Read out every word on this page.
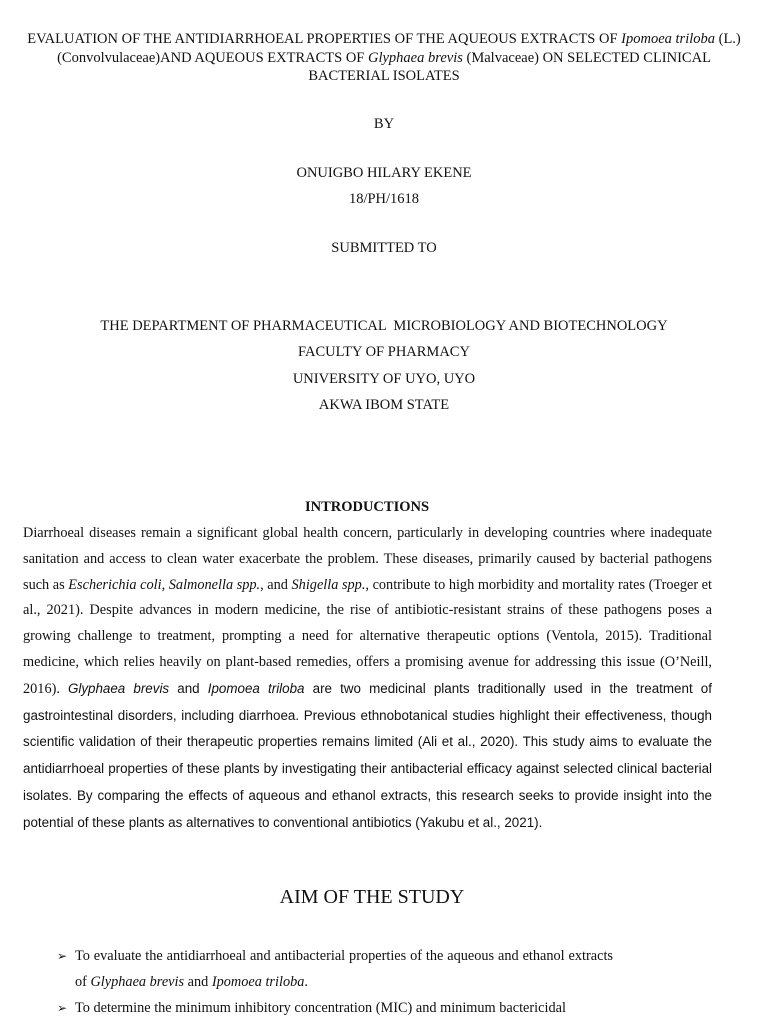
EVALUATION OF THE ANTIDIARRHOEAL PROPERTIES OF THE AQUEOUS EXTRACTS OF Ipomoea triloba (L.) (Convolvulaceae)AND AQUEOUS EXTRACTS OF Glyphaea brevis (Malvaceae) ON SELECTED CLINICAL BACTERIAL ISOLATES
BY
ONUIGBO HILARY EKENE
18/PH/1618
SUBMITTED TO
THE DEPARTMENT OF PHARMACEUTICAL  MICROBIOLOGY AND BIOTECHNOLOGY
FACULTY OF PHARMACY
UNIVERSITY OF UYO, UYO
AKWA IBOM STATE
INTRODUCTIONS
Diarrhoeal diseases remain a significant global health concern, particularly in developing countries where inadequate sanitation and access to clean water exacerbate the problem. These diseases, primarily caused by bacterial pathogens such as Escherichia coli, Salmonella spp., and Shigella spp., contribute to high morbidity and mortality rates (Troeger et al., 2021). Despite advances in modern medicine, the rise of antibiotic-resistant strains of these pathogens poses a growing challenge to treatment, prompting a need for alternative therapeutic options (Ventola, 2015). Traditional medicine, which relies heavily on plant-based remedies, offers a promising avenue for addressing this issue (O’Neill, 2016). Glyphaea brevis and Ipomoea triloba are two medicinal plants traditionally used in the treatment of gastrointestinal disorders, including diarrhoea. Previous ethnobotanical studies highlight their effectiveness, though scientific validation of their therapeutic properties remains limited (Ali et al., 2020). This study aims to evaluate the antidiarrhoeal properties of these plants by investigating their antibacterial efficacy against selected clinical bacterial isolates. By comparing the effects of aqueous and ethanol extracts, this research seeks to provide insight into the potential of these plants as alternatives to conventional antibiotics (Yakubu et al., 2021).
AIM OF THE STUDY
➢ To evaluate the antidiarrhoeal and antibacterial properties of the aqueous and ethanol extracts of Glyphaea brevis and Ipomoea triloba.
➢ To determine the minimum inhibitory concentration (MIC) and minimum bactericidal
